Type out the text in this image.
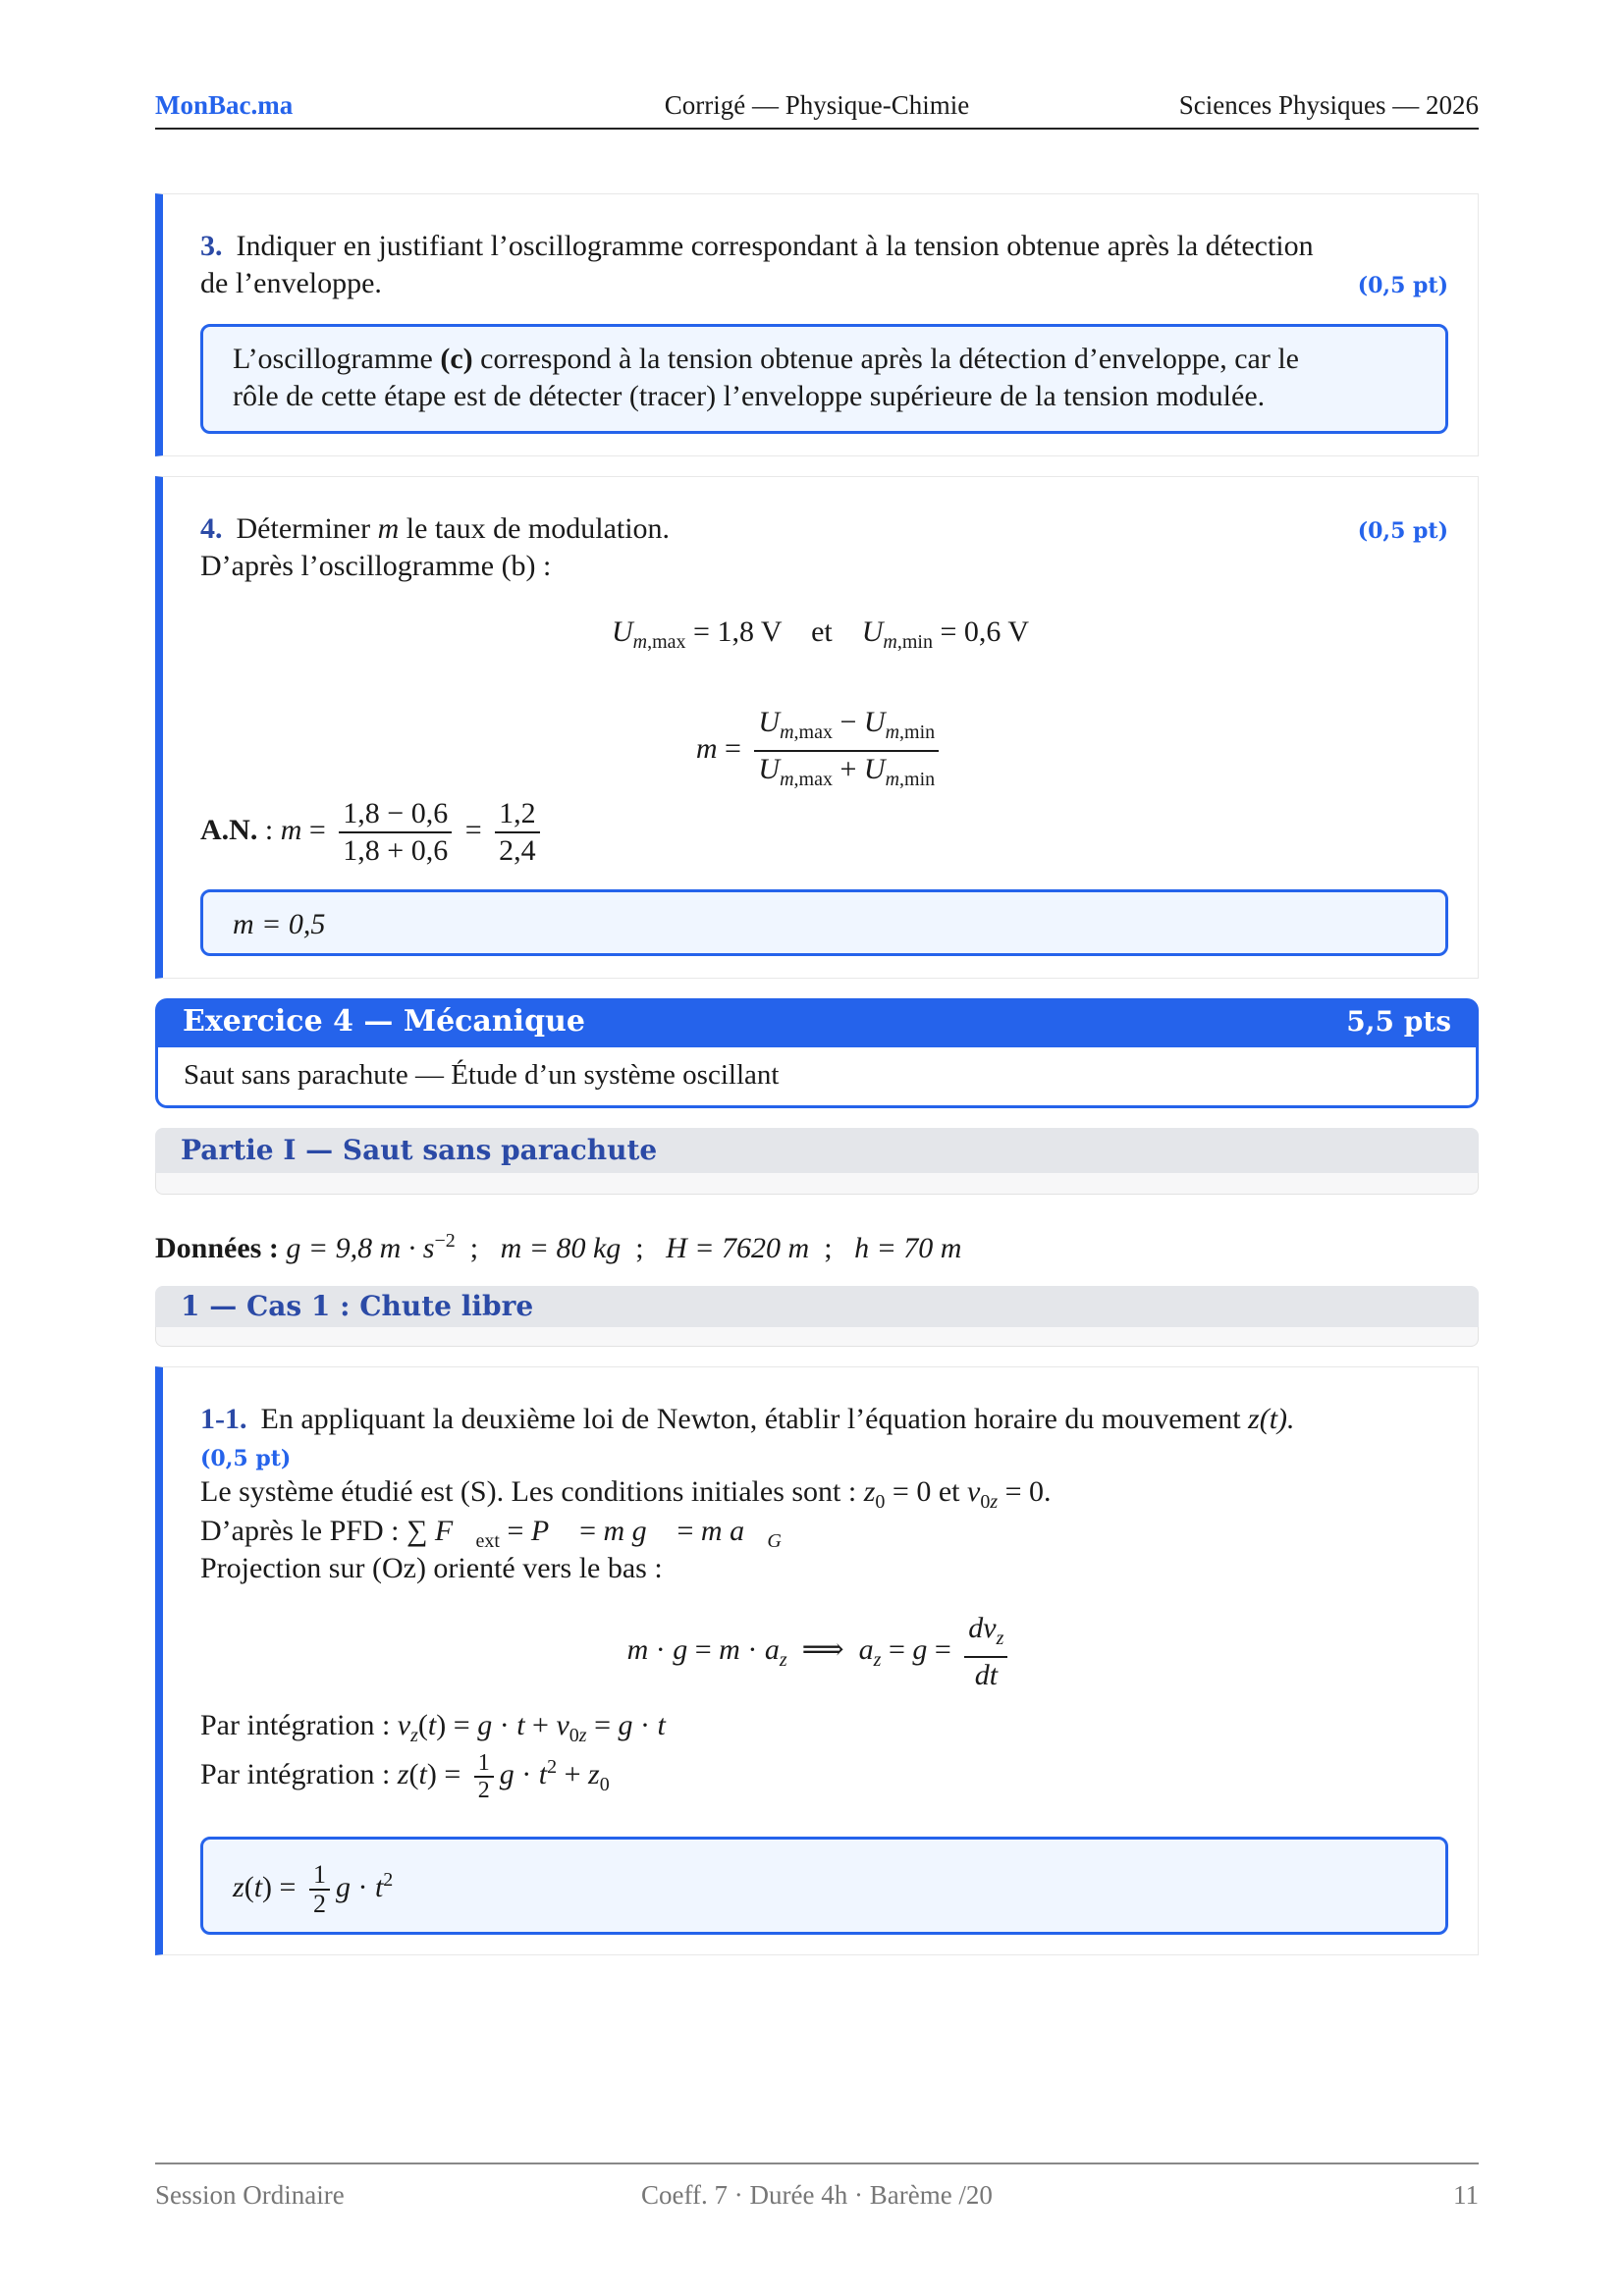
MonBac.ma	Corrigé — Physique-Chimie	Sciences Physiques — 2026
3. Indiquer en justifiant l’oscillogramme correspondant à la tension obtenue après la détection
de l’enveloppe.	(0,5 pt)
L’oscillogramme (c) correspond à la tension obtenue après la détection d’enveloppe, car le
rôle de cette étape est de détecter (tracer) l’enveloppe supérieure de la tension modulée.
4. Déterminer m le taux de modulation.	(0,5 pt)
D’après l’oscillogramme (b) :
$U_{m,max} = 1,8$ V et $U_{m,min} = 0,6$ V
$m = \frac{U_{m,max} - U_{m,min}}{U_{m,max} + U_{m,min}}$
A.N. : $m = \frac{1,8 - 0,6}{1,8 + 0,6} = \frac{1,2}{2,4}$
m = 0,5
Exercice 4 — Mécanique	5,5 pts
Saut sans parachute — Étude d’un système oscillant
Partie I — Saut sans parachute
Données : g = 9,8 $m \cdot s^{-2}$  ;   m = 80 kg  ;   H = 7620 m  ;   h = 70 m
1 — Cas 1 : Chute libre
1-1. En appliquant la deuxième loi de Newton, établir l’équation horaire du mouvement z(t).
(0,5 pt)
Le système étudié est (S). Les conditions initiales sont : $z_0 = 0$ et $v_{0z} = 0$.
D’après le PFD : ∑ $F⃗_{ext}$ = P⃗ = m g⃗ = m $a⃗_G$
Projection sur (Oz) orienté vers le bas :
$m \cdot g = m \cdot a_z$  ⟹  $a_z = g = \frac{dv_z}{dt}$
Par intégration : $v_z(t) = g \cdot t + v_{0z} = g \cdot t$
Par intégration : $z(t) = \frac{1}{2}$ $g \cdot t^2 + z_0$
$z(t) = \frac{1}{2}$ $g \cdot t^2$
Session Ordinaire	Coeff. 7 · Durée 4h · Barème /20	11
